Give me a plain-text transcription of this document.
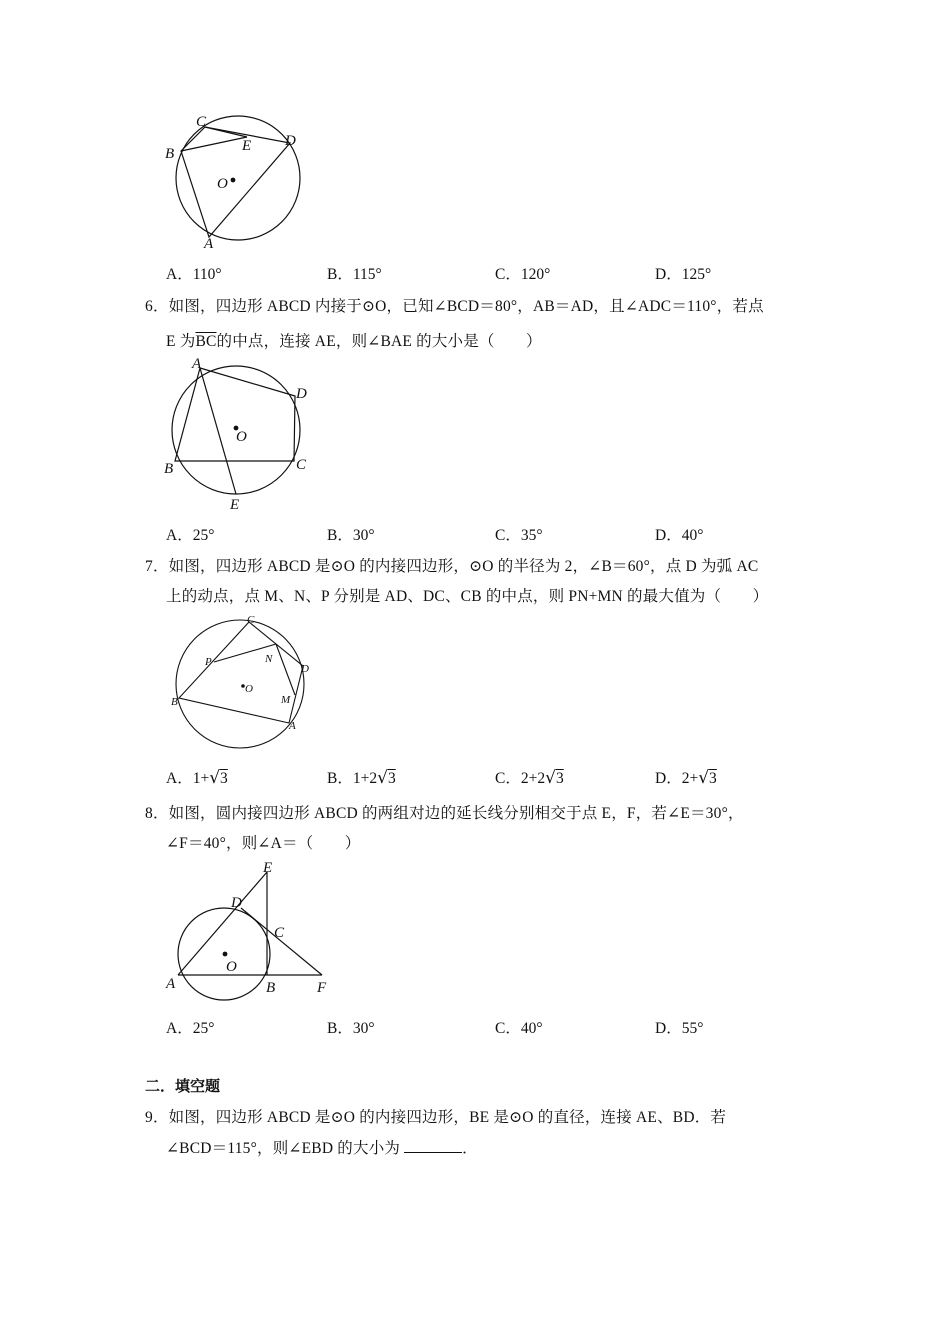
C
B	E D
O
A
A．110°	B．115°	C．120°	D．125°
6．如图，四边形 ABCD 内接于⊙O，已知∠BCD＝80°，AB＝AD，且∠ADC＝110°，若点
E 为$\overline{BC}$的中点，连接 AE，则∠BAE 的大小是（　　）
A
D
O
B	C
E
A．25°	B．30°	C．35°	D．40°
7．如图，四边形 ABCD 是⊙O 的内接四边形，⊙O 的半径为 2，∠B＝60°，点 D 为弧 AC
上的动点，点 M、N、P 分别是 AD、DC、CB 的中点，则 PN+MN 的最大值为（　　）
C
P	N
D
O
M
B
A
A．1+√3	B．1+2√3	C．2+2√3	D．2+√3
8．如图，圆内接四边形 ABCD 的两组对边的延长线分别相交于点 E，F，若∠E＝30°，
∠F＝40°，则∠A＝（　　）
E
D
C
O
A	B	F
A．25°	B．30°	C．40°	D．55°
二．填空题
9．如图，四边形 ABCD 是⊙O 的内接四边形，BE 是⊙O 的直径，连接 AE、BD．若
∠BCD＝115°，则∠EBD 的大小为	．
